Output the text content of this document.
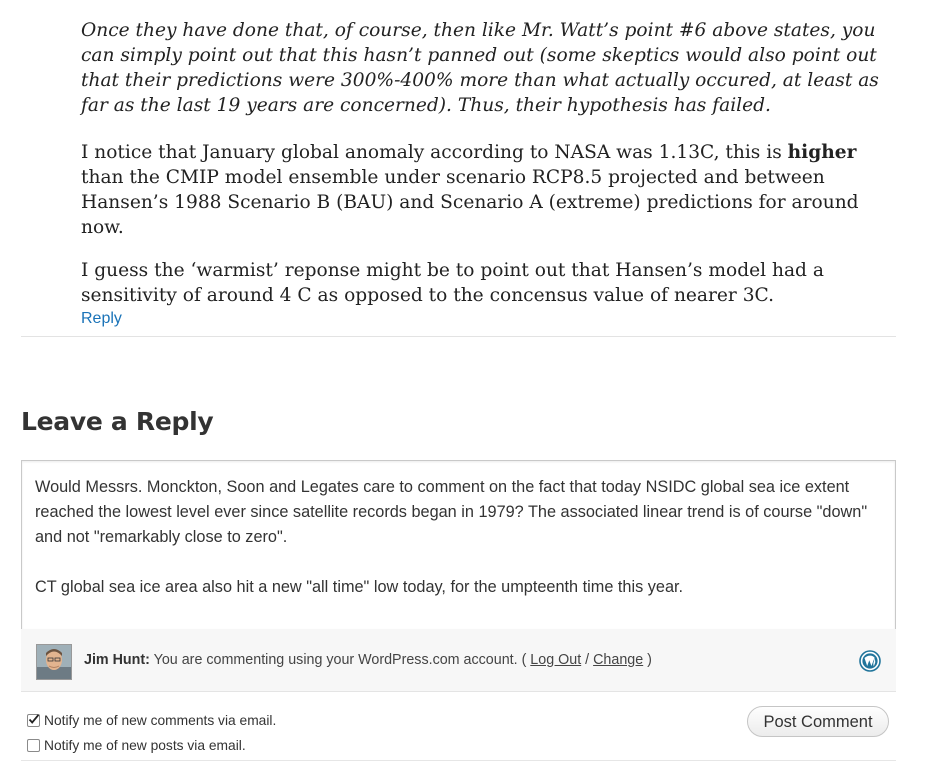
Once they have done that, of course, then like Mr. Watt’s point #6 above states, you can simply point out that this hasn’t panned out (some skeptics would also point out that their predictions were 300%-400% more than what actually occured, at least as far as the last 19 years are concerned). Thus, their hypothesis has failed.

I notice that January global anomaly according to NASA was 1.13C, this is higher than the CMIP model ensemble under scenario RCP8.5 projected and between Hansen’s 1988 Scenario B (BAU) and Scenario A (extreme) predictions for around now.

I guess the ‘warmist’ reponse might be to point out that Hansen’s model had a sensitivity of around 4 C as opposed to the concensus value of nearer 3C.

Reply
Leave a Reply
Would Messrs. Monckton, Soon and Legates care to comment on the fact that today NSIDC global sea ice extent reached the lowest level ever since satellite records began in 1979? The associated linear trend is of course "down" and not "remarkably close to zero".

CT global sea ice area also hit a new "all time" low today, for the umpteenth time this year.
Jim Hunt: You are commenting using your WordPress.com account. ( Log Out / Change )
Notify me of new comments via email.
Notify me of new posts via email.
Post Comment
